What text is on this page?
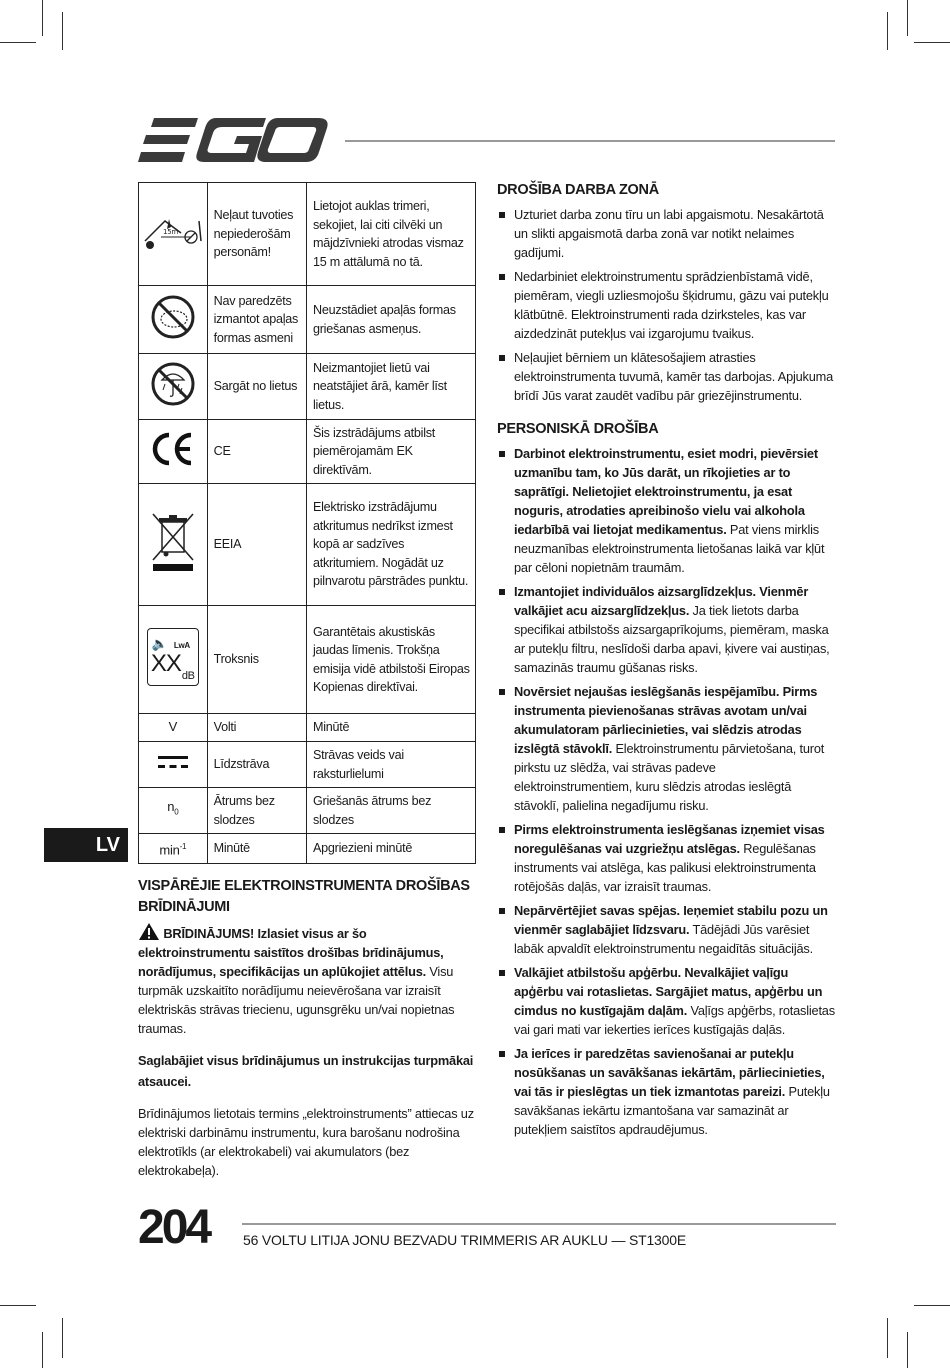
15m	Neļaut tuvoties nepiederošām personām!	Lietojot auklas trimeri, sekojiet, lai citi cilvēki un mājdzīvnieki atrodas vismaz 15 m attālumā no tā.
	Nav paredzēts izmantot apaļas formas asmeni	Neuzstādiet apaļās formas griešanas asmeņus.
	Sargāt no lietus	Neizmantojiet lietū vai neatstājiet ārā, kamēr līst lietus.
	CE	Šis izstrādājums atbilst piemērojamām EK direktīvām.
	EEIA	Elektrisko izstrādājumu atkritumus nedrīkst izmest kopā ar sadzīves atkritumiem. Nogādāt uz pilnvarotu pārstrādes punktu.

🔈 LwA
XX dB	Troksnis	Garantētais akustiskās jaudas līmenis. Trokšņa emisija vidē atbilstoši Eiropas Kopienas direktīvai.
V	Volti	Minūtē
	Līdzstrāva	Strāvas veids vai raksturlielumi
$n_0$	Ātrums bez slodzes	Griešanās ātrums bez slodzes
$\min^{-1}$	Minūtē	Apgriezieni minūtē
LV
VISPĀRĒJIE ELEKTROINSTRUMENTA DROŠĪBAS BRĪDINĀJUMI

BRĪDINĀJUMS! Izlasiet visus ar šo elektroinstrumentu saistītos drošības brīdinājumus, norādījumus, specifikācijas un aplūkojiet attēlus. Visu turpmāk uzskaitīto norādījumu neievērošana var izraisīt elektriskās strāvas triecienu, ugunsgrēku un/vai nopietnas traumas.

Saglabājiet visus brīdinājumus un instrukcijas turpmākai atsaucei.

Brīdinājumos lietotais termins „elektroinstruments” attiecas uz elektriski darbināmu instrumentu, kura barošanu nodrošina elektrotīkls (ar elektrokabeli) vai akumulators (bez elektrokabeļa).

DROŠĪBA DARBA ZONĀ
Uzturiet darba zonu tīru un labi apgaismotu. Nesakārtotā un slikti apgaismotā darba zonā var notikt nelaimes gadījumi.
Nedarbiniet elektroinstrumentu sprādzienbīstamā vidē, piemēram, viegli uzliesmojošu šķidrumu, gāzu vai putekļu klātbūtnē. Elektroinstrumenti rada dzirksteles, kas var aizdedzināt putekļus vai izgarojumu tvaikus.
Neļaujiet bērniem un klātesošajiem atrasties elektroinstrumenta tuvumā, kamēr tas darbojas. Apjukuma brīdī Jūs varat zaudēt vadību pār griezējinstrumentu.
PERSONISKĀ DROŠĪBA
Darbinot elektroinstrumentu, esiet modri, pievērsiet uzmanību tam, ko Jūs darāt, un rīkojieties ar to saprātīgi. Nelietojiet elektroinstrumentu, ja esat noguris, atrodaties apreibinošo vielu vai alkohola iedarbībā vai lietojat medikamentus. Pat viens mirklis neuzmanības elektroinstrumenta lietošanas laikā var kļūt par cēloni nopietnām traumām.
Izmantojiet individuālos aizsarglīdzekļus. Vienmēr valkājiet acu aizsarglīdzekļus. Ja tiek lietots darba specifikai atbilstošs aizsargaprīkojums, piemēram, maska ar putekļu filtru, neslīdoši darba apavi, ķivere vai austiņas, samazinās traumu gūšanas risks.
Novērsiet nejaušas ieslēgšanās iespējamību. Pirms instrumenta pievienošanas strāvas avotam un/vai akumulatoram pārliecinieties, vai slēdzis atrodas izslēgtā stāvoklī. Elektroinstrumentu pārvietošana, turot pirkstu uz slēdža, vai strāvas padeve elektroinstrumentiem, kuru slēdzis atrodas ieslēgtā stāvoklī, palielina negadījumu risku.
Pirms elektroinstrumenta ieslēgšanas izņemiet visas noregulēšanas vai uzgriežņu atslēgas. Regulēšanas instruments vai atslēga, kas palikusi elektroinstrumenta rotējošās daļās, var izraisīt traumas.
Nepārvērtējiet savas spējas. Ieņemiet stabilu pozu un vienmēr saglabājiet līdzsvaru. Tādējādi Jūs varēsiet labāk apvaldīt elektroinstrumentu negaidītās situācijās.
Valkājiet atbilstošu apģērbu. Nevalkājiet vaļīgu apģērbu vai rotaslietas. Sargājiet matus, apģērbu un cimdus no kustīgajām daļām. Vaļīgs apģērbs, rotaslietas vai gari mati var iekerties ierīces kustīgajās daļās.
Ja ierīces ir paredzētas savienošanai ar putekļu nosūkšanas un savākšanas iekārtām, pārliecinieties, vai tās ir pieslēgtas un tiek izmantotas pareizi. Putekļu savākšanas iekārtu izmantošana var samazināt ar putekļiem saistītos apdraudējumus.
204 56 VOLTU LITIJA JONU BEZVADU TRIMMERIS AR AUKLU — ST1300E
